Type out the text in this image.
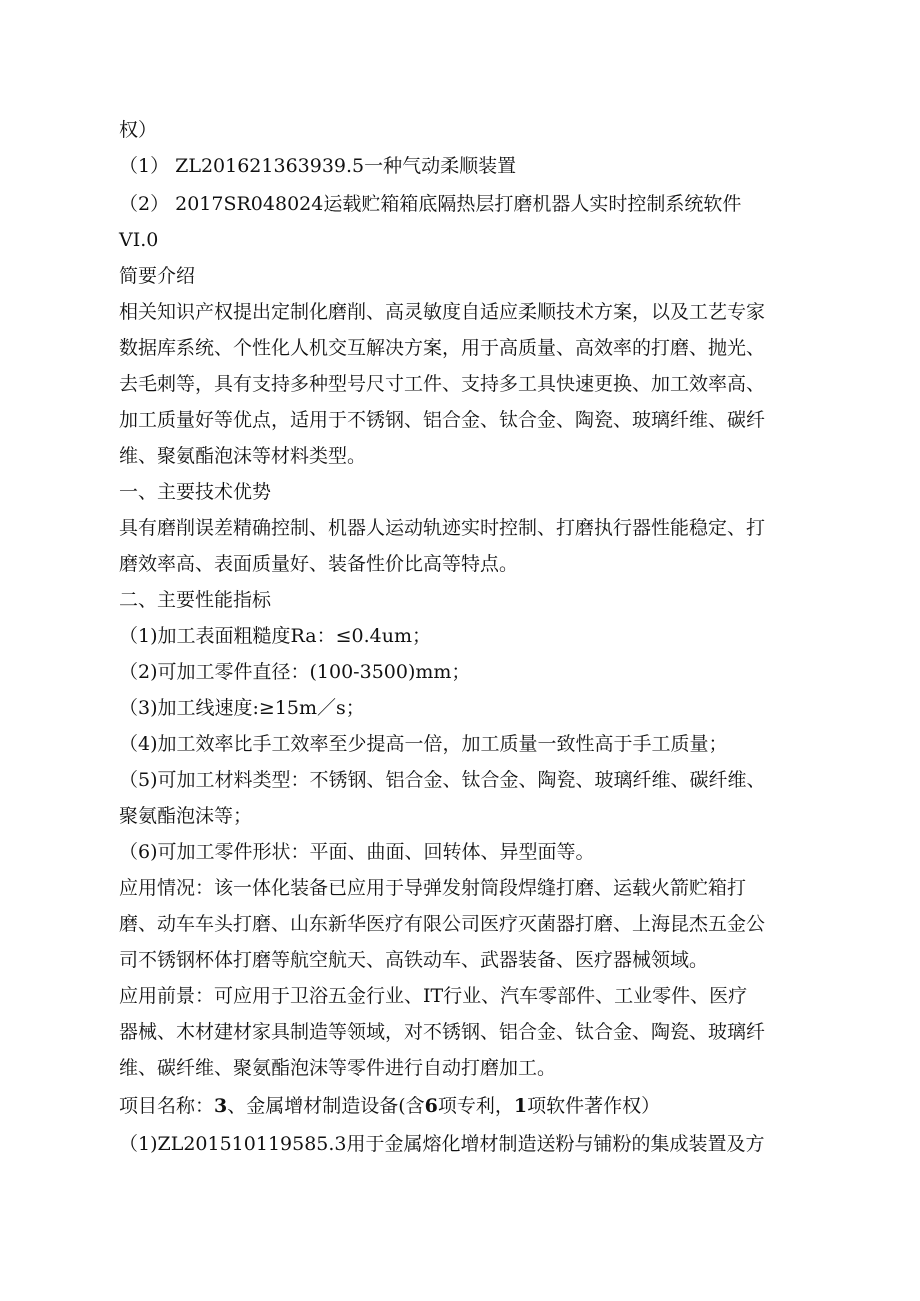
权）
（1） ZL201621363939.5一种气动柔顺装置
（2） 2017SR048024运载贮箱箱底隔热层打磨机器人实时控制系统软件
VI.0
简要介绍
相关知识产权提出定制化磨削、高灵敏度自适应柔顺技术方案，以及工艺专家
数据库系统、个性化人机交互解决方案，用于高质量、高效率的打磨、抛光、
去毛刺等，具有支持多种型号尺寸工件、支持多工具快速更换、加工效率高、
加工质量好等优点，适用于不锈钢、铝合金、钛合金、陶瓷、玻璃纤维、碳纤
维、聚氨酯泡沫等材料类型。
一、主要技术优势
具有磨削误差精确控制、机器人运动轨迹实时控制、打磨执行器性能稳定、打
磨效率高、表面质量好、装备性价比高等特点。
二、主要性能指标
（1)加工表面粗糙度Ra：≤0.4um；
（2)可加工零件直径：(100-3500)mm；
（3)加工线速度:≥15m／s；
（4)加工效率比手工效率至少提高一倍，加工质量一致性高于手工质量；
（5)可加工材料类型：不锈钢、铝合金、钛合金、陶瓷、玻璃纤维、碳纤维、
聚氨酯泡沫等；
（6)可加工零件形状：平面、曲面、回转体、异型面等。
应用情况：该一体化装备已应用于导弹发射筒段焊缝打磨、运载火箭贮箱打
磨、动车车头打磨、山东新华医疗有限公司医疗灭菌器打磨、上海昆杰五金公
司不锈钢杯体打磨等航空航天、高铁动车、武器装备、医疗器械领域。
应用前景：可应用于卫浴五金行业、IT行业、汽车零部件、工业零件、医疗
器械、木材建材家具制造等领域，对不锈钢、铝合金、钛合金、陶瓷、玻璃纤
维、碳纤维、聚氨酯泡沫等零件进行自动打磨加工。
项目名称：3、金属增材制造设备(含6项专利，1项软件著作权）
（1)ZL201510119585.3用于金属熔化增材制造送粉与铺粉的集成装置及方
